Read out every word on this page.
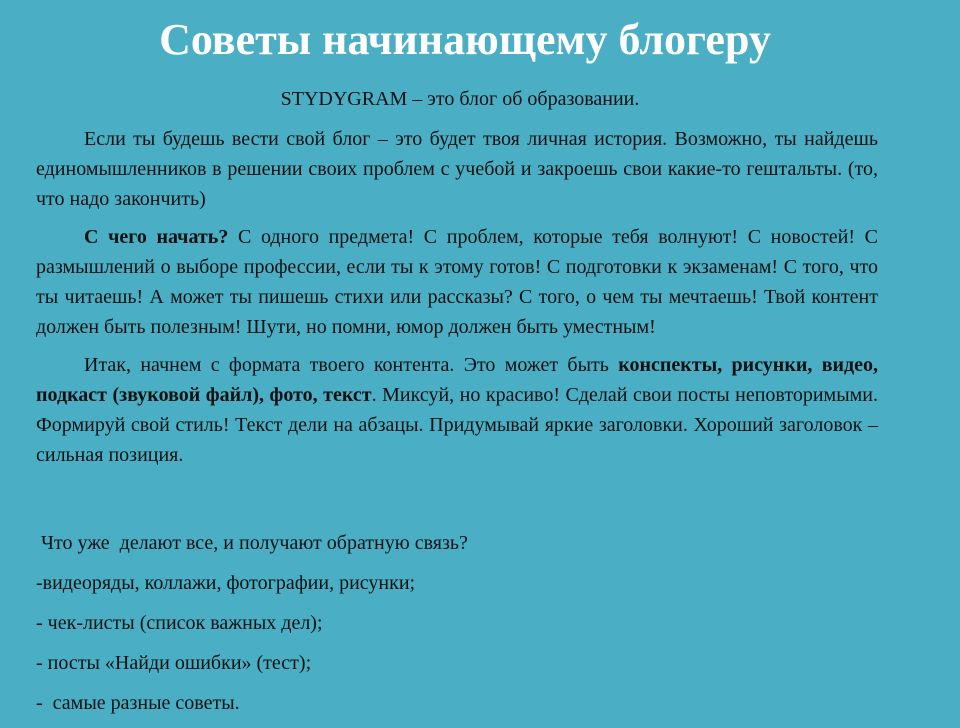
Советы начинающему блогеру

STYDYGRAM – это блог об образовании.

Если ты будешь вести свой блог – это будет твоя личная история. Возможно, ты найдешь единомышленников в решении своих проблем с учебой и закроешь свои какие-то гештальты. (то, что надо закончить)

С чего начать? С одного предмета! С проблем, которые тебя волнуют! С новостей! С размышлений о выборе профессии, если ты к этому готов! С подготовки к экзаменам! С того, что ты читаешь! А может ты пишешь стихи или рассказы? С того, о чем ты мечтаешь! Твой контент должен быть полезным! Шути, но помни, юмор должен быть уместным!

Итак, начнем с формата твоего контента. Это может быть конспекты, рисунки, видео, подкаст (звуковой файл), фото, текст. Миксуй, но красиво! Сделай свои посты неповторимыми. Формируй свой стиль! Текст дели на абзацы. Придумывай яркие заголовки. Хороший заголовок – сильная позиция.

Что уже  делают все, и получают обратную связь?

-видеоряды, коллажи, фотографии, рисунки;

- чек-листы (список важных дел);

- посты «Найди ошибки» (тест);

-  самые разные советы.
